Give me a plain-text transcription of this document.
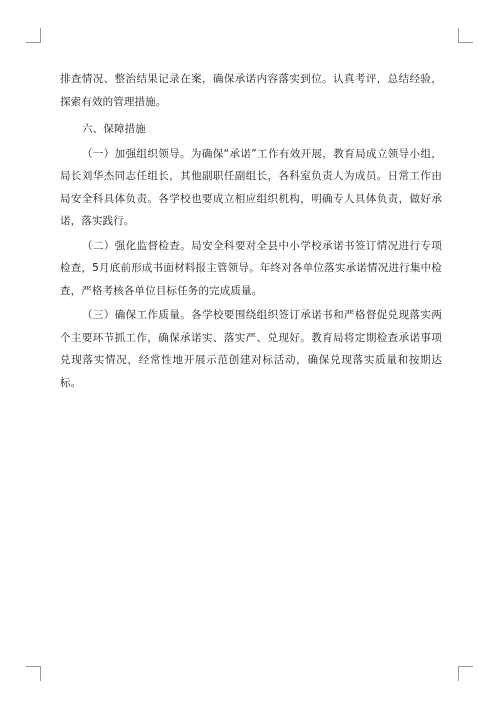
排查情况、整治结果记录在案，确保承诺内容落实到位。认真考评，总结经验，探索有效的管理措施。

六、保障措施

（一）加强组织领导。为确保“承诺”工作有效开展，教育局成立领导小组，局长刘华杰同志任组长，其他副职任副组长，各科室负责人为成员。日常工作由局安全科具体负责。各学校也要成立相应组织机构，明确专人具体负责，做好承诺，落实践行。

（二）强化监督检查。局安全科要对全县中小学校承诺书签订情况进行专项检查，5月底前形成书面材料报主管领导。年终对各单位落实承诺情况进行集中检查，严格考核各单位目标任务的完成质量。

（三）确保工作质量。各学校要围绕组织签订承诺书和严格督促兑现落实两个主要环节抓工作，确保承诺实、落实严、兑现好。教育局将定期检查承诺事项兑现落实情况，经常性地开展示范创建对标活动，确保兑现落实质量和按期达标。
